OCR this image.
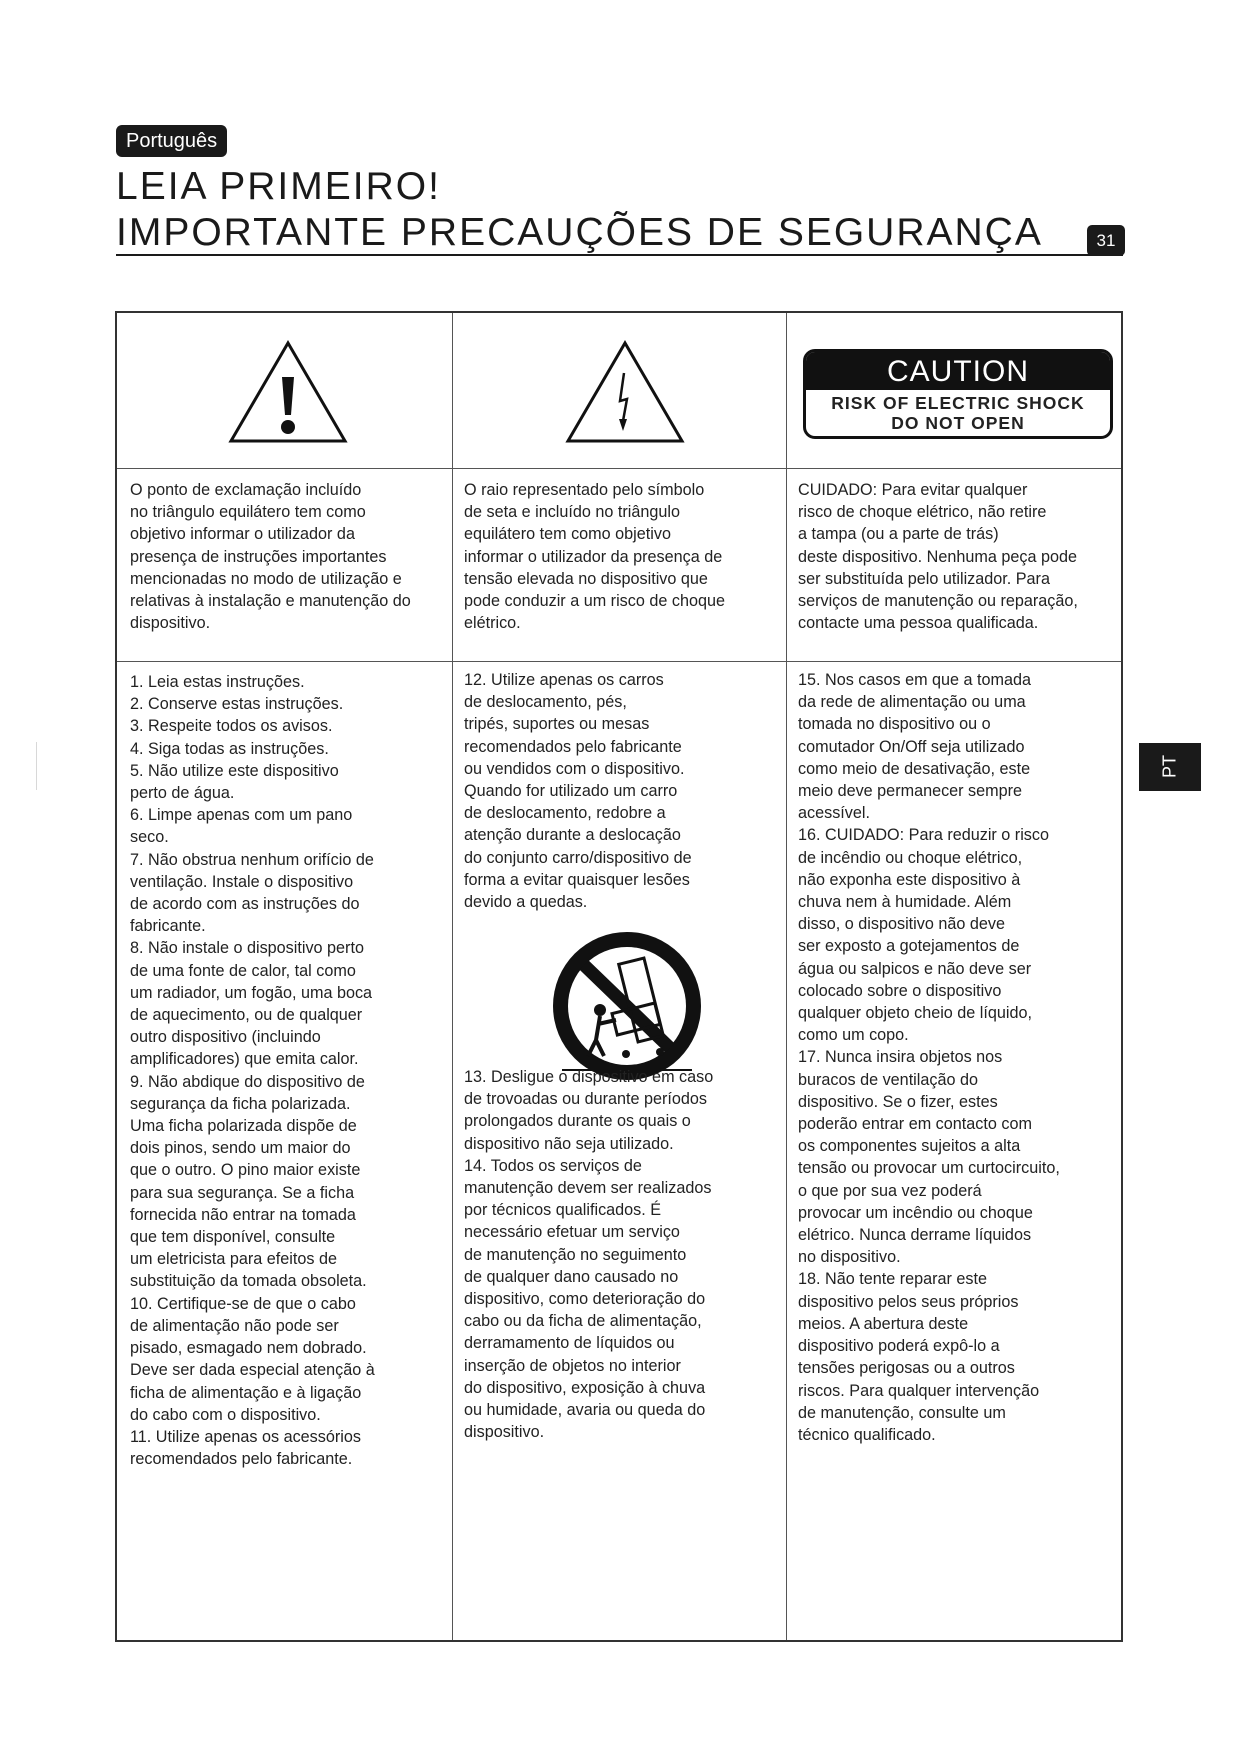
Português
LEIA PRIMEIRO!
IMPORTANTE PRECAUÇÕES DE SEGURANÇA	31
PT
CAUTION
RISK OF ELECTRIC SHOCK
DO NOT OPEN

O ponto de exclamação incluído
no triângulo equilátero tem como
objetivo informar o utilizador da
presença de instruções importantes
mencionadas no modo de utilização e
relativas à instalação e manutenção do
dispositivo.

O raio representado pelo símbolo
de seta e incluído no triângulo
equilátero tem como objetivo
informar o utilizador da presença de
tensão elevada no dispositivo que
pode conduzir a um risco de choque
elétrico.

CUIDADO: Para evitar qualquer
risco de choque elétrico, não retire
a tampa (ou a parte de trás)
deste dispositivo. Nenhuma peça pode
ser substituída pelo utilizador. Para
serviços de manutenção ou reparação,
contacte uma pessoa qualificada.

1. Leia estas instruções.
2. Conserve estas instruções.
3. Respeite todos os avisos.
4. Siga todas as instruções.
5. Não utilize este dispositivo
perto de água.
6. Limpe apenas com um pano
seco.
7. Não obstrua nenhum orifício de
ventilação. Instale o dispositivo
de acordo com as instruções do
fabricante.
8. Não instale o dispositivo perto
de uma fonte de calor, tal como
um radiador, um fogão, uma boca
de aquecimento, ou de qualquer
outro dispositivo (incluindo
amplificadores) que emita calor.
9. Não abdique do dispositivo de
segurança da ficha polarizada.
Uma ficha polarizada dispõe de
dois pinos, sendo um maior do
que o outro. O pino maior existe
para sua segurança. Se a ficha
fornecida não entrar na tomada
que tem disponível, consulte
um eletricista para efeitos de
substituição da tomada obsoleta.
10. Certifique-se de que o cabo
de alimentação não pode ser
pisado, esmagado nem dobrado.
Deve ser dada especial atenção à
ficha de alimentação e à ligação
do cabo com o dispositivo.
11. Utilize apenas os acessórios
recomendados pelo fabricante.

12. Utilize apenas os carros
de deslocamento, pés,
tripés, suportes ou mesas
recomendados pelo fabricante
ou vendidos com o dispositivo.
Quando for utilizado um carro
de deslocamento, redobre a
atenção durante a deslocação
do conjunto carro/dispositivo de
forma a evitar quaisquer lesões
devido a quedas.

13. Desligue o dispositivo em caso
de trovoadas ou durante períodos
prolongados durante os quais o
dispositivo não seja utilizado.
14. Todos os serviços de
manutenção devem ser realizados
por técnicos qualificados. É
necessário efetuar um serviço
de manutenção no seguimento
de qualquer dano causado no
dispositivo, como deterioração do
cabo ou da ficha de alimentação,
derramamento de líquidos ou
inserção de objetos no interior
do dispositivo, exposição à chuva
ou humidade, avaria ou queda do
dispositivo.

15. Nos casos em que a tomada
da rede de alimentação ou uma
tomada no dispositivo ou o
comutador On/Off seja utilizado
como meio de desativação, este
meio deve permanecer sempre
acessível.
16. CUIDADO: Para reduzir o risco
de incêndio ou choque elétrico,
não exponha este dispositivo à
chuva nem à humidade. Além
disso, o dispositivo não deve
ser exposto a gotejamentos de
água ou salpicos e não deve ser
colocado sobre o dispositivo
qualquer objeto cheio de líquido,
como um copo.
17. Nunca insira objetos nos
buracos de ventilação do
dispositivo. Se o fizer, estes
poderão entrar em contacto com
os componentes sujeitos a alta
tensão ou provocar um curtocircuito,
o que por sua vez poderá
provocar um incêndio ou choque
elétrico. Nunca derrame líquidos
no dispositivo.
18. Não tente reparar este
dispositivo pelos seus próprios
meios. A abertura deste
dispositivo poderá expô-lo a
tensões perigosas ou a outros
riscos. Para qualquer intervenção
de manutenção, consulte um
técnico qualificado.
